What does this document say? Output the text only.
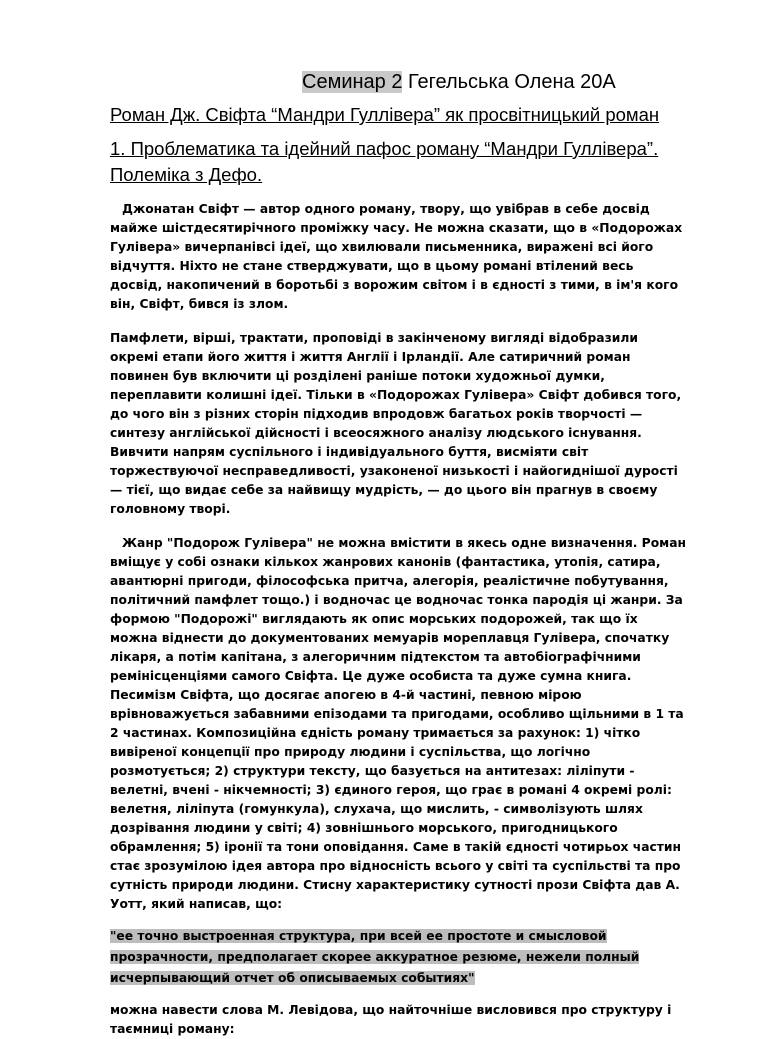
Семинар 2 Гегельська Олена 20А
Роман Дж. Свіфта “Мандри Гуллівера” як просвітницький роман
1. Проблематика та ідейний пафос роману “Мандри Гуллівера”. Полеміка з Дефо.

Джонатан Свіфт — автор одного роману, твору, що увібрав в себе досвід майже шістдесятирічного проміжку часу. Не можна сказати, що в «Подорожах Гулівера» вичерпанівсі ідеї, що хвилювали письменника, виражені всі його відчуття. Ніхто не стане стверджувати, що в цьому романі втілений весь досвід, накопичений в боротьбі з ворожим світом і в єдності з тими, в ім'я кого він, Свіфт, бився із злом.

Памфлети, вірші, трактати, проповіді в закінченому вигляді відобразили окремі етапи його життя і життя Англії і Ірландії. Але сатиричний роман повинен був включити ці розділені раніше потоки художньої думки, переплавити колишні ідеї. Тільки в «Подорожах Гулівера» Свіфт добився того, до чого він з різних сторін підходив впродовж багатьох років творчості — синтезу англійської дійсності і всеосяжного аналізу людського існування. Вивчити напрям суспільного і індивідуального буття, висміяти світ торжествуючої несправедливості, узаконеної низькості і найогиднішої дурості — тієї, що видає себе за найвищу мудрість, — до цього він прагнув в своєму головному творі.

Жанр "Подорож Гулівера" не можна вмістити в якесь одне визначення. Роман вміщує у собі ознаки кількох жанрових канонів (фантастика, утопія, сатира, авантюрні пригоди, філософська притча, алегорія, реалістичне побутування, політичний памфлет тощо.) і водночас це водночас тонка пародія ці жанри. За формою "Подорожі" виглядають як опис морських подорожей, так що їх можна віднести до документованих мемуарів мореплавця Гулівера, спочатку лікаря, а потім капітана, з алегоричним підтекстом та автобіографічними ремінісценціями самого Свіфта. Це дуже особиста та дуже сумна книга. Песимізм Свіфта, що досягає апогею в 4-й частині, певною мірою врівноважується забавними епізодами та пригодами, особливо щільними в 1 та 2 частинах. Композиційна єдність роману тримається за рахунок: 1) чітко вивіреної концепції про природу людини і суспільства, що логічно розмотується; 2) структури тексту, що базується на антитезах: ліліпути - велетні, вчені - нікчемності; 3) єдиного героя, що грає в романі 4 окремі ролі: велетня, ліліпута (гомункула), слухача, що мислить, - символізують шлях дозрівання людини у світі; 4) зовнішнього морського, пригодницького обрамлення; 5) іронії та тони оповідання. Саме в такій єдності чотирьох частин стає зрозумілою ідея автора про відносність всього у світі та суспільстві та про сутність природи людини. Стисну характеристику сутності прози Свіфта дав А. Уотт, який написав, що:

"ее точно выстроенная структура, при всей ее простоте и смысловой прозрачности, предполагает скорее аккуратное резюме, нежели полный исчерпывающий отчет об описываемых событиях"

можна навести слова М. Левідова, що найточніше висловився про структуру і таємниці роману:
